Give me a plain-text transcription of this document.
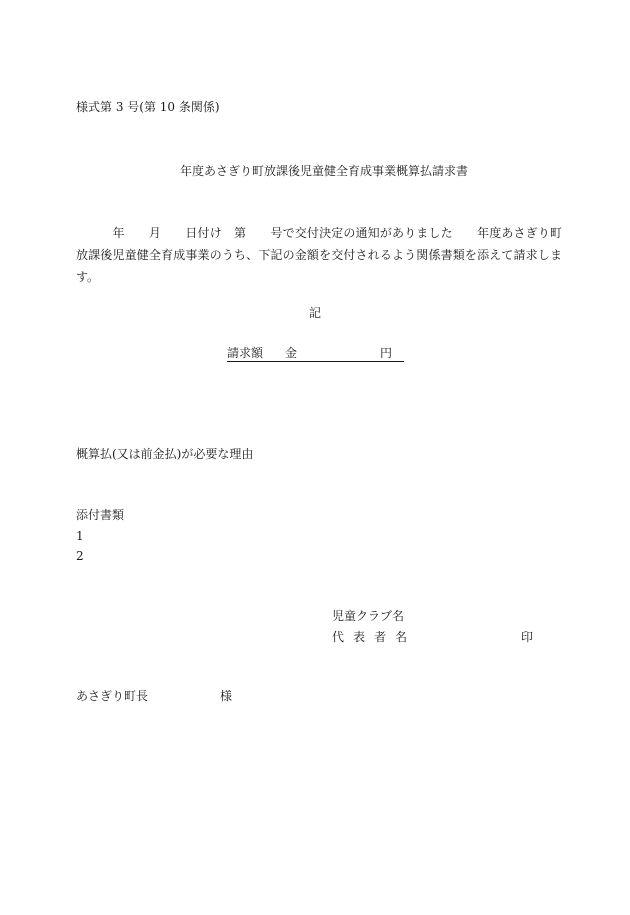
様式第 3 号(第 10 条関係)
年度あさぎり町放課後児童健全育成事業概算払請求書
　　　年　　月　　日付け　第　　号で交付決定の通知がありました　　年度あさぎり町放課後児童健全育成事業のうち、下記の金額を交付されるよう関係書類を添えて請求します。
記
請求額 金	円
概算払(又は前金払)が必要な理由
添付書類
1
2
児童クラブ名
代表者名	印
あさぎり町長	様
